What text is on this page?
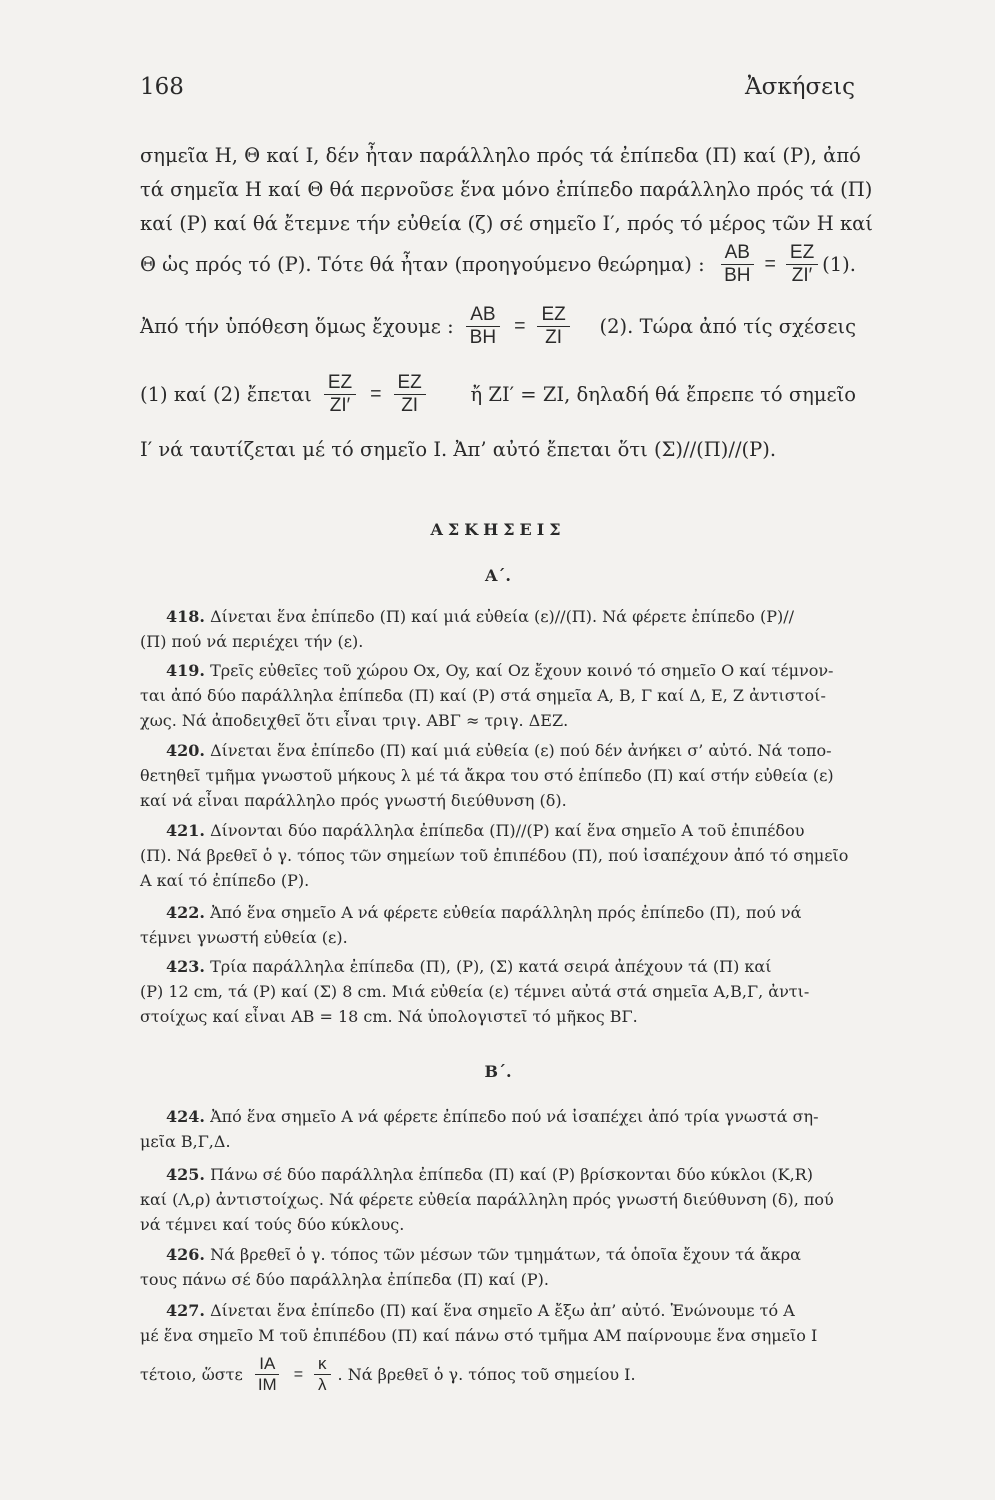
168	Ἀσκήσεις
σημεῖα Η, Θ καί Ι, δέν ἦταν παράλληλο πρός τά ἐπίπεδα (Π) καί (Ρ), ἀπό
τά σημεῖα Η καί Θ θά περνοῦσε ἕνα μόνο ἐπίπεδο παράλληλο πρός τά (Π)
καί (Ρ) καί θά ἔτεμνε τήν εὐθεία (ζ) σέ σημεῖο Ι′, πρός τό μέρος τῶν Η καί
Θ ὡς πρός τό (Ρ). Τότε θά ἦταν (προηγούμενο θεώρημα) : $\frac{AB}{BH} = \frac{EZ}{ZI'} (1)$.
Ἀπό τήν ὑπόθεση ὅμως ἔχουμε : $\frac{AB}{BH} = \frac{EZ}{ZI} (2)$. Τώρα ἀπό τίς σχέσεις
(1) καί (2) ἔπεται $\frac{EZ}{ZI'} = \frac{EZ}{ZI}$ ἤ ΖΙ′ = ΖΙ, δηλαδή θά ἔπρεπε τό σημεῖο
Ι′ νά ταυτίζεται μέ τό σημεῖο Ι. Ἀπ’ αὐτό ἔπεται ὅτι (Σ)//(Π)//(Ρ).
ΑΣΚΗΣΕΙΣ
Α΄.
418. Δίνεται ἕνα ἐπίπεδο (Π) καί μιά εὐθεία (ε)//(Π). Νά φέρετε ἐπίπεδο (Ρ)//
(Π) πού νά περιέχει τήν (ε).
419. Τρεῖς εὐθεῖες τοῦ χώρου Οx, Oy, καί Oz ἔχουν κοινό τό σημεῖο Ο καί τέμνον-
ται ἀπό δύο παράλληλα ἐπίπεδα (Π) καί (Ρ) στά σημεῖα Α, Β, Γ καί Δ, Ε, Ζ ἀντιστοί-
χως. Νά ἀποδειχθεῖ ὅτι εἶναι τριγ. ΑΒΓ ≈ τριγ. ΔΕΖ.
420. Δίνεται ἕνα ἐπίπεδο (Π) καί μιά εὐθεία (ε) πού δέν ἀνήκει σ’ αὐτό. Νά τοπο-
θετηθεῖ τμῆμα γνωστοῦ μήκους λ μέ τά ἄκρα του στό ἐπίπεδο (Π) καί στήν εὐθεία (ε)
καί νά εἶναι παράλληλο πρός γνωστή διεύθυνση (δ).
421. Δίνονται δύο παράλληλα ἐπίπεδα (Π)//(Ρ) καί ἕνα σημεῖο Α τοῦ ἐπιπέδου
(Π). Νά βρεθεῖ ὁ γ. τόπος τῶν σημείων τοῦ ἐπιπέδου (Π), πού ἰσαπέχουν ἀπό τό σημεῖο
Α καί τό ἐπίπεδο (Ρ).
422. Ἀπό ἕνα σημεῖο Α νά φέρετε εὐθεία παράλληλη πρός ἐπίπεδο (Π), πού νά
τέμνει γνωστή εὐθεία (ε).
423. Τρία παράλληλα ἐπίπεδα (Π), (Ρ), (Σ) κατά σειρά ἀπέχουν τά (Π) καί
(Ρ) 12 cm, τά (Ρ) καί (Σ) 8 cm. Μιά εὐθεία (ε) τέμνει αὐτά στά σημεῖα Α,Β,Γ, ἀντι-
στοίχως καί εἶναι ΑΒ = 18 cm. Νά ὑπολογιστεῖ τό μῆκος ΒΓ.
Β΄.
424. Ἀπό ἕνα σημεῖο Α νά φέρετε ἐπίπεδο πού νά ἰσαπέχει ἀπό τρία γνωστά ση-
μεῖα Β,Γ,Δ.
425. Πάνω σέ δύο παράλληλα ἐπίπεδα (Π) καί (Ρ) βρίσκονται δύο κύκλοι (Κ,R)
καί (Λ,ρ) ἀντιστοίχως. Νά φέρετε εὐθεία παράλληλη πρός γνωστή διεύθυνση (δ), πού
νά τέμνει καί τούς δύο κύκλους.
426. Νά βρεθεῖ ὁ γ. τόπος τῶν μέσων τῶν τμημάτων, τά ὁποῖα ἔχουν τά ἄκρα
τους πάνω σέ δύο παράλληλα ἐπίπεδα (Π) καί (Ρ).
427. Δίνεται ἕνα ἐπίπεδο (Π) καί ἕνα σημεῖο Α ἔξω ἀπ’ αὐτό. Ἑνώνουμε τό Α
μέ ἕνα σημεῖο Μ τοῦ ἐπιπέδου (Π) καί πάνω στό τμῆμα ΑΜ παίρνουμε ἕνα σημεῖο Ι
τέτοιο, ὥστε $\frac{IA}{IM} = \frac{\kappa}{\lambda}$ . Νά βρεθεῖ ὁ γ. τόπος τοῦ σημείου Ι.
